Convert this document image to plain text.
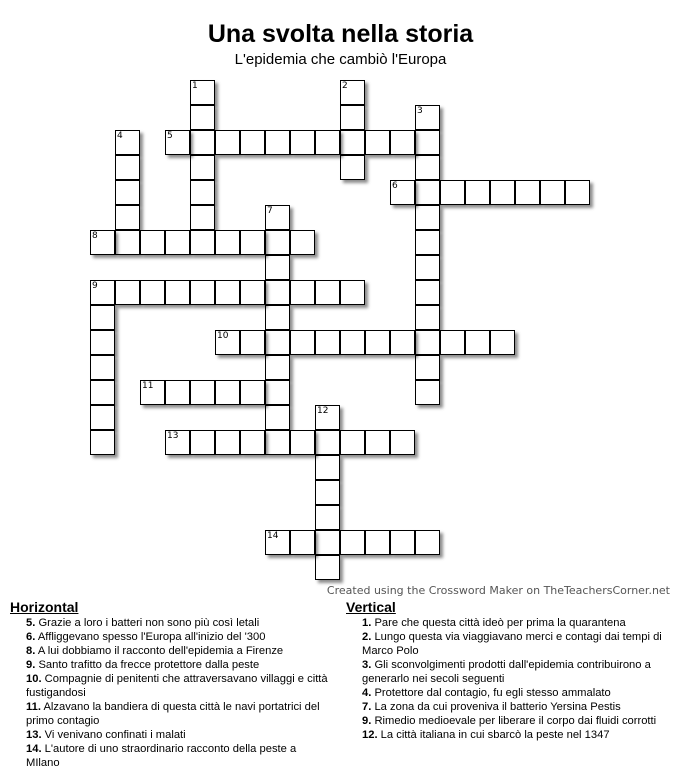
Una svolta nella storia
L'epidemia che cambiò l'Europa
1	2
3
4	5
6
7
8
9
10
11
12
13
14
Created using the Crossword Maker on TheTeachersCorner.net
Horizontal	Vertical
5. Grazie a loro i batteri non sono più così letali
6. Affliggevano spesso l'Europa all'inizio del '300
8. A lui dobbiamo il racconto dell'epidemia a Firenze
9. Santo trafitto da frecce protettore dalla peste
10. Compagnie di penitenti che attraversavano villaggi e città fustigandosi
11. Alzavano la bandiera di questa città le navi portatrici del primo contagio
13. Vi venivano confinati i malati
14. L'autore di uno straordinario racconto della peste a MIlano
1. Pare che questa città ideò per prima la quarantena
2. Lungo questa via viaggiavano merci e contagi dai tempi di Marco Polo
3. Gli sconvolgimenti prodotti dall'epidemia contribuirono a generarlo nei secoli seguenti
4. Protettore dal contagio, fu egli stesso ammalato
7. La zona da cui proveniva il batterio Yersina Pestis
9. Rimedio medioevale per liberare il corpo dai fluidi corrotti
12. La città italiana in cui sbarcò la peste nel 1347
